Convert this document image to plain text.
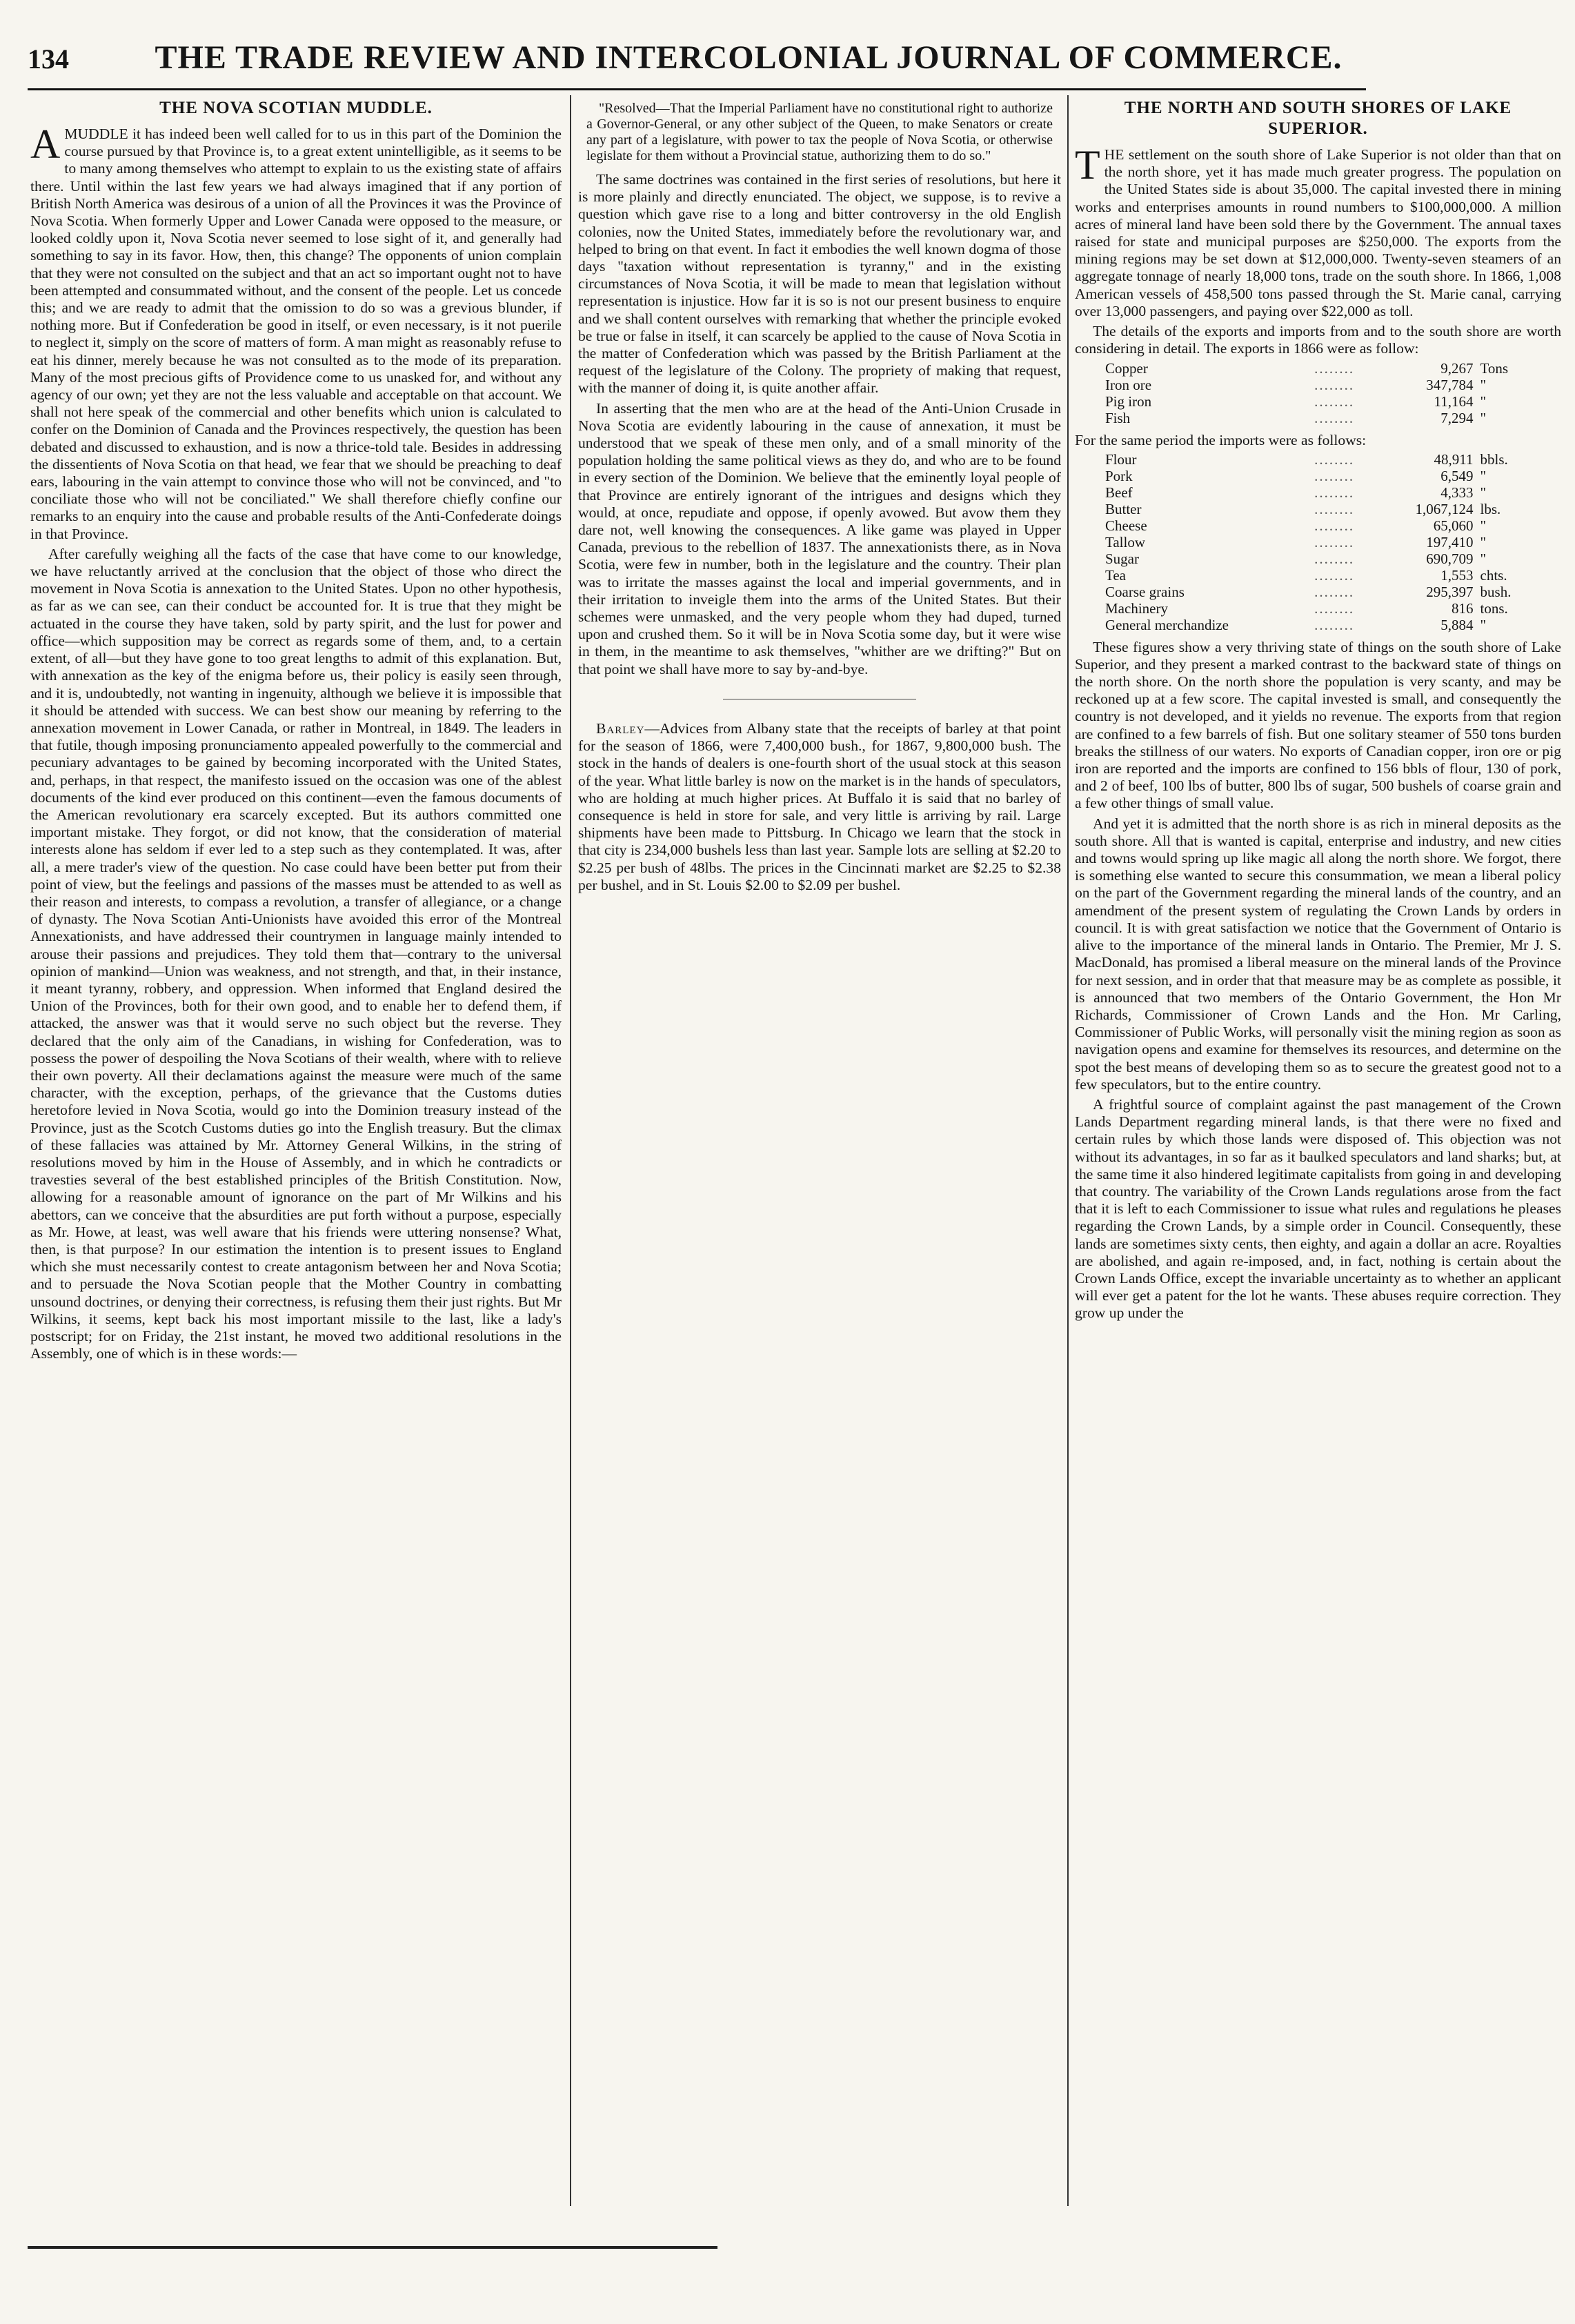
134	THE TRADE REVIEW AND INTERCOLONIAL JOURNAL OF COMMERCE.
THE NOVA SCOTIAN MUDDLE.

AMUDDLE it has indeed been well called for to us in this part of the Dominion the course pursued by that Province is, to a great extent unintelligible, as it seems to be to many among themselves who attempt to explain to us the existing state of affairs there. Until within the last few years we had always imagined that if any portion of British North America was desirous of a union of all the Provinces it was the Province of Nova Scotia. When formerly Upper and Lower Canada were opposed to the measure, or looked coldly upon it, Nova Scotia never seemed to lose sight of it, and generally had something to say in its favor. How, then, this change? The opponents of union complain that they were not consulted on the subject and that an act so important ought not to have been attempted and consummated without, and the consent of the people. Let us concede this; and we are ready to admit that the omission to do so was a grevious blunder, if nothing more. But if Confederation be good in itself, or even necessary, is it not puerile to neglect it, simply on the score of matters of form. A man might as reasonably refuse to eat his dinner, merely because he was not consulted as to the mode of its preparation. Many of the most precious gifts of Providence come to us unasked for, and without any agency of our own; yet they are not the less valuable and acceptable on that account. We shall not here speak of the commercial and other benefits which union is calculated to confer on the Dominion of Canada and the Provinces respectively, the question has been debated and discussed to exhaustion, and is now a thrice-told tale. Besides in addressing the dissentients of Nova Scotia on that head, we fear that we should be preaching to deaf ears, labouring in the vain attempt to convince those who will not be convinced, and "to conciliate those who will not be conciliated." We shall therefore chiefly confine our remarks to an enquiry into the cause and probable results of the Anti-Confederate doings in that Province.

After carefully weighing all the facts of the case that have come to our knowledge, we have reluctantly arrived at the conclusion that the object of those who direct the movement in Nova Scotia is annexation to the United States. Upon no other hypothesis, as far as we can see, can their conduct be accounted for. It is true that they might be actuated in the course they have taken, sold by party spirit, and the lust for power and office—which supposition may be correct as regards some of them, and, to a certain extent, of all—but they have gone to too great lengths to admit of this explanation. But, with annexation as the key of the enigma before us, their policy is easily seen through, and it is, undoubtedly, not wanting in ingenuity, although we believe it is impossible that it should be attended with success. We can best show our meaning by referring to the annexation movement in Lower Canada, or rather in Montreal, in 1849. The leaders in that futile, though imposing pronunciamento appealed powerfully to the commercial and pecuniary advantages to be gained by becoming incorporated with the United States, and, perhaps, in that respect, the manifesto issued on the occasion was one of the ablest documents of the kind ever produced on this continent—even the famous documents of the American revolutionary era scarcely excepted. But its authors committed one important mistake. They forgot, or did not know, that the consideration of material interests alone has seldom if ever led to a step such as they contemplated. It was, after all, a mere trader's view of the question. No case could have been better put from their point of view, but the feelings and passions of the masses must be attended to as well as their reason and interests, to compass a revolution, a transfer of allegiance, or a change of dynasty. The Nova Scotian Anti-Unionists have avoided this error of the Montreal Annexationists, and have addressed their countrymen in language mainly intended to arouse their passions and prejudices. They told them that—contrary to the universal opinion of mankind—Union was weakness, and not strength, and that, in their instance, it meant tyranny, robbery, and oppression. When informed that England desired the Union of the Provinces, both for their own good, and to enable her to defend them, if attacked, the answer was that it would serve no such object but the reverse. They declared that the only aim of the Canadians, in wishing for Confederation, was to possess the power of despoiling the Nova Scotians of their wealth, where with to relieve their own poverty. All their declamations against the measure were much of the same character, with the exception, perhaps, of the grievance that the Customs duties heretofore levied in Nova Scotia, would go into the Dominion treasury instead of the Province, just as the Scotch Customs duties go into the English treasury. But the climax of these fallacies was attained by Mr. Attorney General Wilkins, in the string of resolutions moved by him in the House of Assembly, and in which he contradicts or travesties several of the best established principles of the British Constitution. Now, allowing for a reasonable amount of ignorance on the part of Mr Wilkins and his abettors, can we conceive that the absurdities are put forth without a purpose, especially as Mr. Howe, at least, was well aware that his friends were uttering nonsense? What, then, is that purpose? In our estimation the intention is to present issues to England which she must necessarily contest to create antagonism between her and Nova Scotia; and to persuade the Nova Scotian people that the Mother Country in combatting unsound doctrines, or denying their correctness, is refusing them their just rights. But Mr Wilkins, it seems, kept back his most important missile to the last, like a lady's postscript; for on Friday, the 21st instant, he moved two additional resolutions in the Assembly, one of which is in these words:—

"Resolved—That the Imperial Parliament have no constitutional right to authorize a Governor-General, or any other subject of the Queen, to make Senators or create any part of a legislature, with power to tax the people of Nova Scotia, or otherwise legislate for them without a Provincial statue, authorizing them to do so."

The same doctrines was contained in the first series of resolutions, but here it is more plainly and directly enunciated. The object, we suppose, is to revive a question which gave rise to a long and bitter controversy in the old English colonies, now the United States, immediately before the revolutionary war, and helped to bring on that event. In fact it embodies the well known dogma of those days "taxation without representation is tyranny," and in the existing circumstances of Nova Scotia, it will be made to mean that legislation without representation is injustice. How far it is so is not our present business to enquire and we shall content ourselves with remarking that whether the principle evoked be true or false in itself, it can scarcely be applied to the cause of Nova Scotia in the matter of Confederation which was passed by the British Parliament at the request of the legislature of the Colony. The propriety of making that request, with the manner of doing it, is quite another affair.

In asserting that the men who are at the head of the Anti-Union Crusade in Nova Scotia are evidently labouring in the cause of annexation, it must be understood that we speak of these men only, and of a small minority of the population holding the same political views as they do, and who are to be found in every section of the Dominion. We believe that the eminently loyal people of that Province are entirely ignorant of the intrigues and designs which they would, at once, repudiate and oppose, if openly avowed. But avow them they dare not, well knowing the consequences. A like game was played in Upper Canada, previous to the rebellion of 1837. The annexationists there, as in Nova Scotia, were few in number, both in the legislature and the country. Their plan was to irritate the masses against the local and imperial governments, and in their irritation to inveigle them into the arms of the United States. But their schemes were unmasked, and the very people whom they had duped, turned upon and crushed them. So it will be in Nova Scotia some day, but it were wise in them, in the meantime to ask themselves, "whither are we drifting?" But on that point we shall have more to say by-and-bye.

Barley—Advices from Albany state that the receipts of barley at that point for the season of 1866, were 7,400,000 bush., for 1867, 9,800,000 bush. The stock in the hands of dealers is one-fourth short of the usual stock at this season of the year. What little barley is now on the market is in the hands of speculators, who are holding at much higher prices. At Buffalo it is said that no barley of consequence is held in store for sale, and very little is arriving by rail. Large shipments have been made to Pittsburg. In Chicago we learn that the stock in that city is 234,000 bushels less than last year. Sample lots are selling at $2.20 to $2.25 per bush of 48lbs. The prices in the Cincinnati market are $2.25 to $2.38 per bushel, and in St. Louis $2.00 to $2.09 per bushel.

THE NORTH AND SOUTH SHORES OF LAKE SUPERIOR.

THE settlement on the south shore of Lake Superior is not older than that on the north shore, yet it has made much greater progress. The population on the United States side is about 35,000. The capital invested there in mining works and enterprises amounts in round numbers to $100,000,000. A million acres of mineral land have been sold there by the Government. The annual taxes raised for state and municipal purposes are $250,000. The exports from the mining regions may be set down at $12,000,000. Twenty-seven steamers of an aggregate tonnage of nearly 18,000 tons, trade on the south shore. In 1866, 1,008 American vessels of 458,500 tons passed through the St. Marie canal, carrying over 13,000 passengers, and paying over $22,000 as toll.

The details of the exports and imports from and to the south shore are worth considering in detail. The exports in 1866 were as follow:

Copper	........	9,267	Tons
Iron ore	........	347,784	"
Pig iron	........	11,164	"
Fish	........	7,294	"

For the same period the imports were as follows:

Flour	........	48,911	bbls.
Pork	........	6,549	"
Beef	........	4,333	"
Butter	........	1,067,124	lbs.
Cheese	........	65,060	"
Tallow	........	197,410	"
Sugar	........	690,709	"
Tea	........	1,553	chts.
Coarse grains	........	295,397	bush.
Machinery	........	816	tons.
General merchandize	........	5,884	"

These figures show a very thriving state of things on the south shore of Lake Superior, and they present a marked contrast to the backward state of things on the north shore. On the north shore the population is very scanty, and may be reckoned up at a few score. The capital invested is small, and consequently the country is not developed, and it yields no revenue. The exports from that region are confined to a few barrels of fish. But one solitary steamer of 550 tons burden breaks the stillness of our waters. No exports of Canadian copper, iron ore or pig iron are reported and the imports are confined to 156 bbls of flour, 130 of pork, and 2 of beef, 100 lbs of butter, 800 lbs of sugar, 500 bushels of coarse grain and a few other things of small value.

And yet it is admitted that the north shore is as rich in mineral deposits as the south shore. All that is wanted is capital, enterprise and industry, and new cities and towns would spring up like magic all along the north shore. We forgot, there is something else wanted to secure this consummation, we mean a liberal policy on the part of the Government regarding the mineral lands of the country, and an amendment of the present system of regulating the Crown Lands by orders in council. It is with great satisfaction we notice that the Government of Ontario is alive to the importance of the mineral lands in Ontario. The Premier, Mr J. S. MacDonald, has promised a liberal measure on the mineral lands of the Province for next session, and in order that that measure may be as complete as possible, it is announced that two members of the Ontario Government, the Hon Mr Richards, Commissioner of Crown Lands and the Hon. Mr Carling, Commissioner of Public Works, will personally visit the mining region as soon as navigation opens and examine for themselves its resources, and determine on the spot the best means of developing them so as to secure the greatest good not to a few speculators, but to the entire country.

A frightful source of complaint against the past management of the Crown Lands Department regarding mineral lands, is that there were no fixed and certain rules by which those lands were disposed of. This objection was not without its advantages, in so far as it baulked speculators and land sharks; but, at the same time it also hindered legitimate capitalists from going in and developing that country. The variability of the Crown Lands regulations arose from the fact that it is left to each Commissioner to issue what rules and regulations he pleases regarding the Crown Lands, by a simple order in Council. Consequently, these lands are sometimes sixty cents, then eighty, and again a dollar an acre. Royalties are abolished, and again re-imposed, and, in fact, nothing is certain about the Crown Lands Office, except the invariable uncertainty as to whether an applicant will ever get a patent for the lot he wants. These abuses require correction. They grow up under the
